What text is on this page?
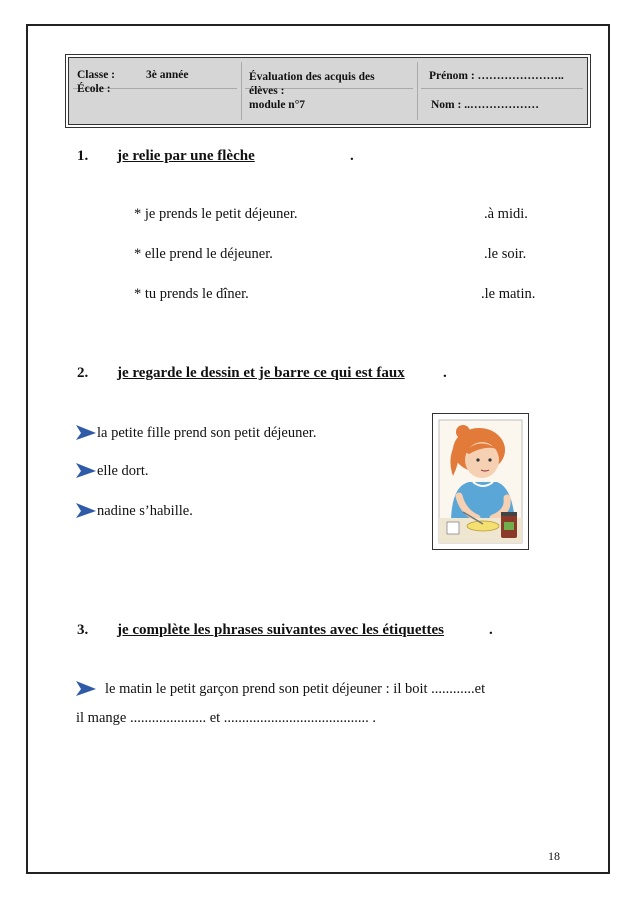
Classe :	3è année
École :
Évaluation des acquis des
élèves :
module n°7
Prénom : …………………..
Nom : ..………………
1. je relie par une flèche	.
* je prends le petit déjeuner.	.à midi.
* elle prend le déjeuner.	.le soir.
* tu prends le dîner.	.le matin.
2. je regarde le dessin et je barre ce qui est faux	.
la petite fille prend son petit déjeuner.
elle dort.
nadine s’habille.
3. je complète les phrases suivantes avec les étiquettes	.
le matin le petit garçon prend son petit déjeuner : il boit ............et
il mange ..................... et ........................................ .
18
